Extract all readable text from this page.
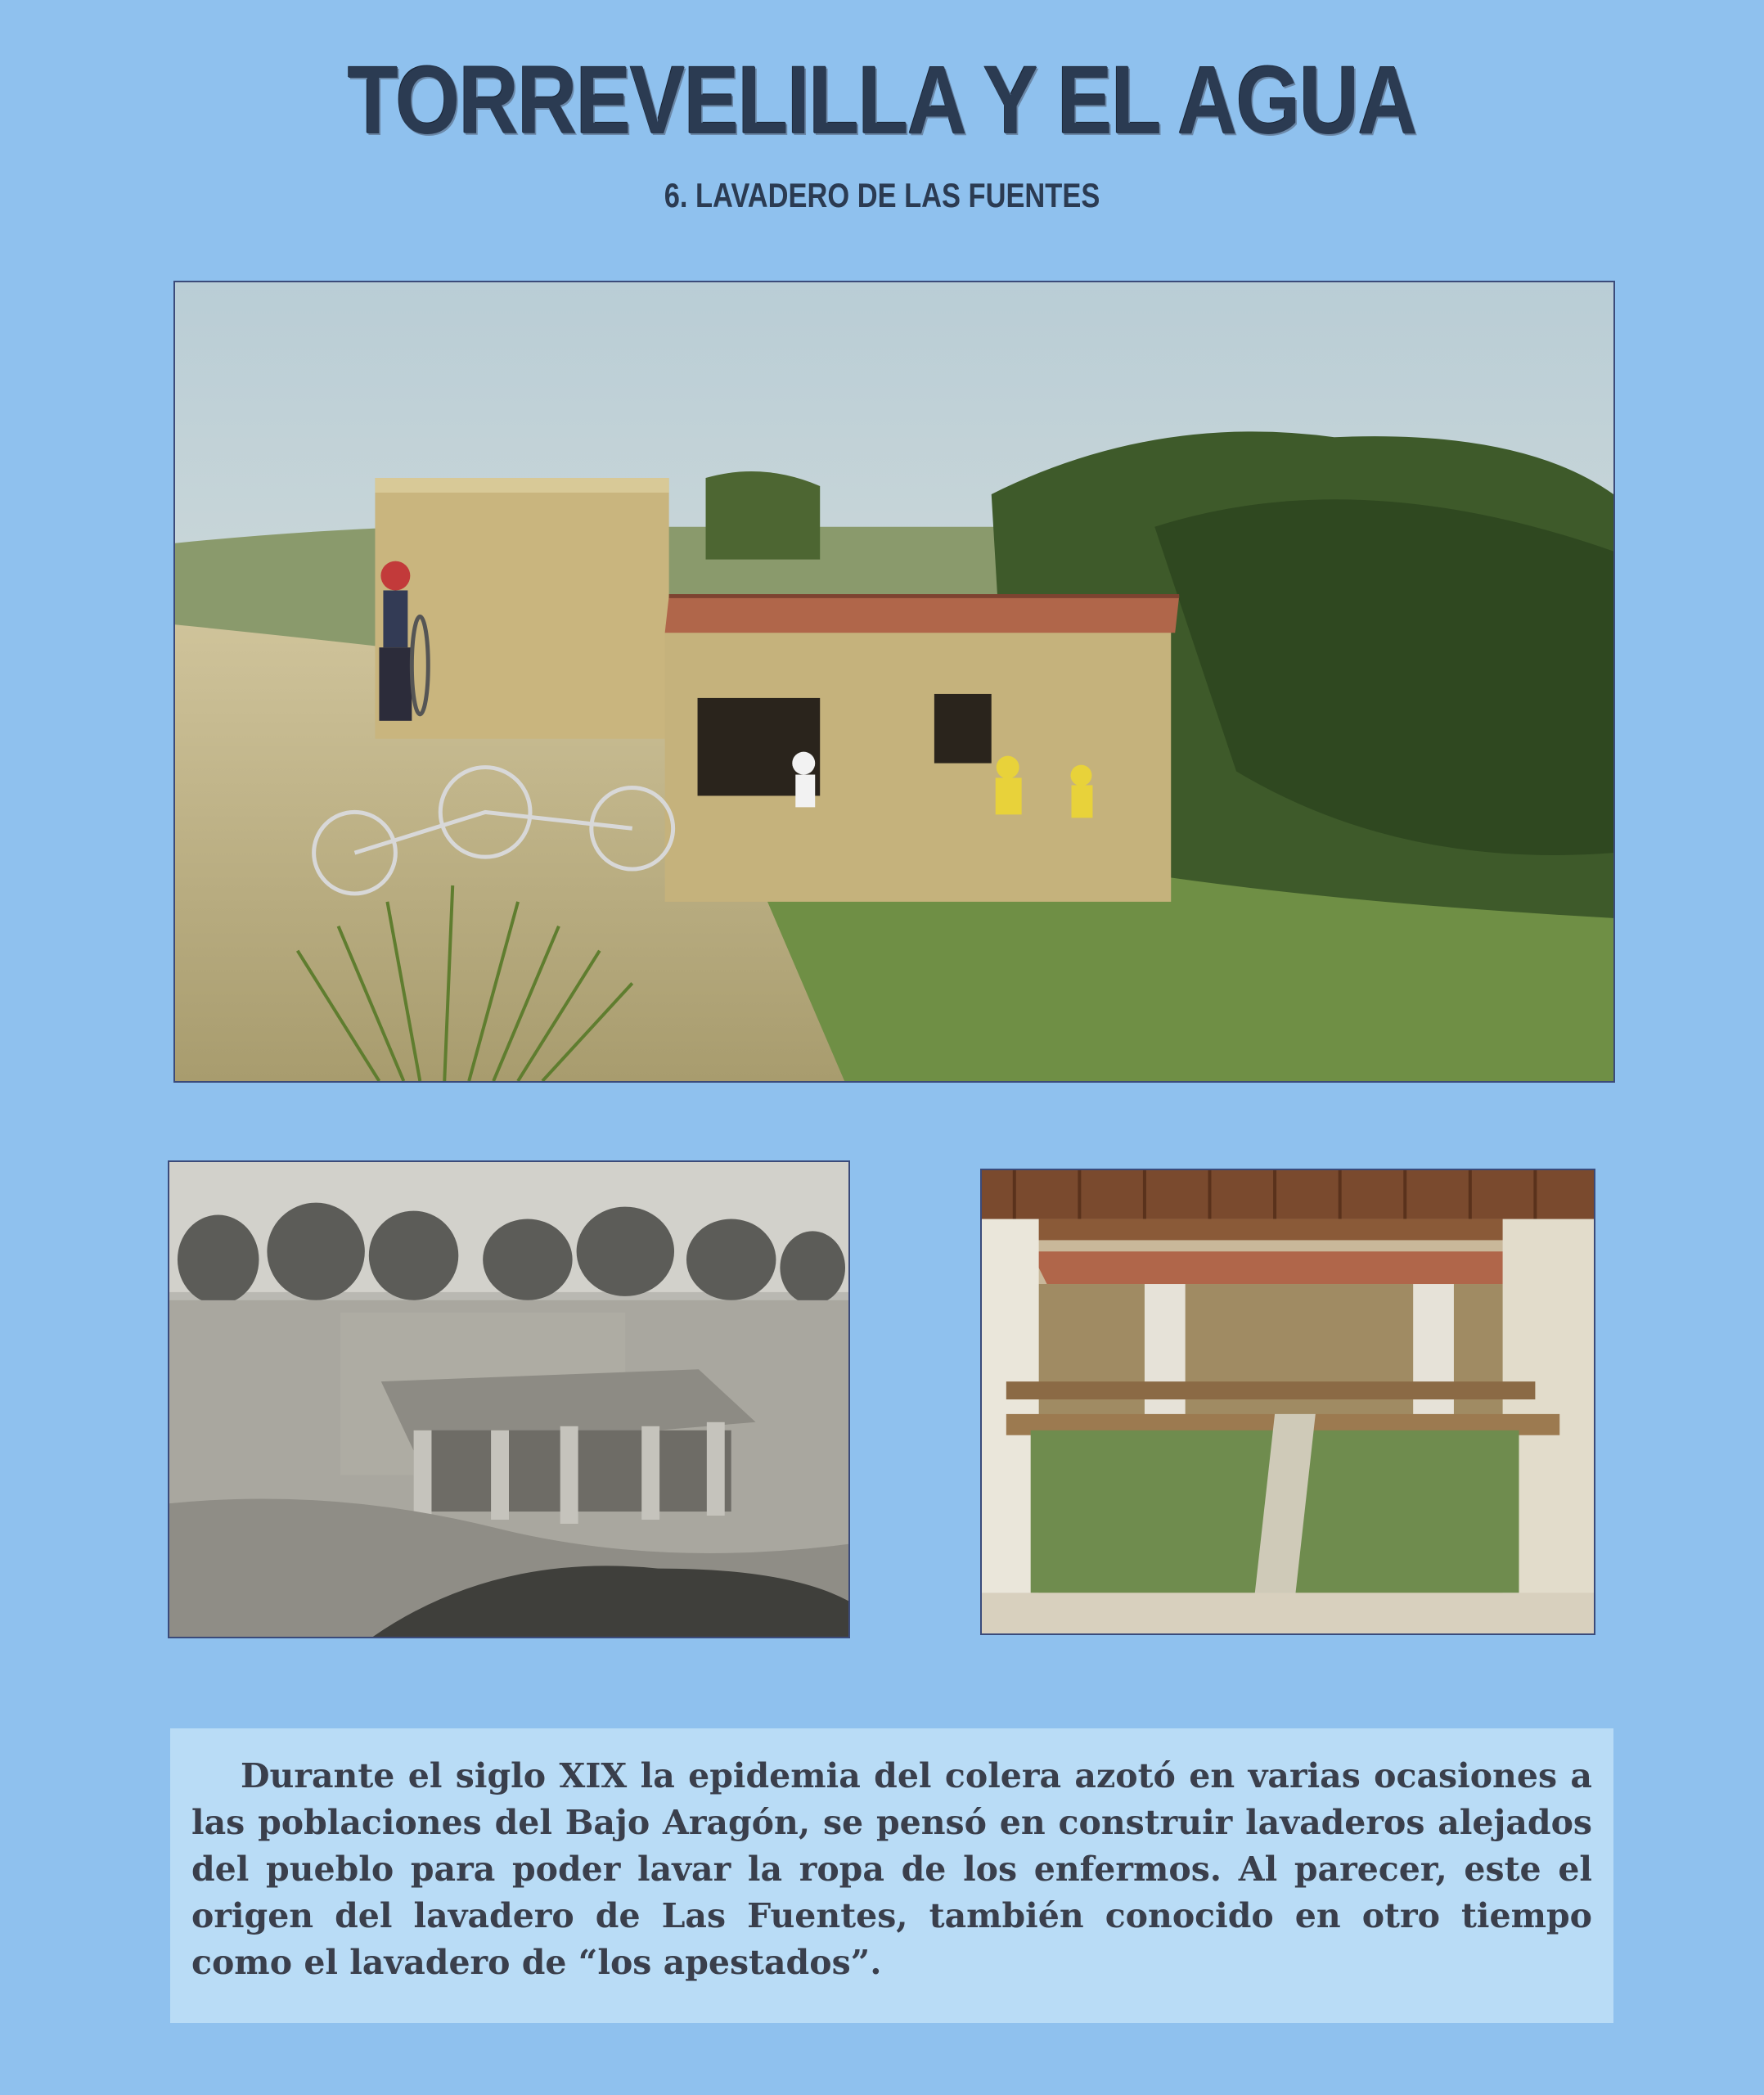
TORREVELILLA Y EL AGUA
6. LAVADERO DE LAS FUENTES

Durante el siglo XIX la epidemia del colera azotó en varias ocasiones a las poblaciones del Bajo Aragón, se pensó en construir lavaderos alejados del pueblo para poder lavar la ropa de los enfermos. Al parecer, este el origen del lavadero de Las Fuentes, también conocido en otro tiempo como el lavadero de “los apestados”.
